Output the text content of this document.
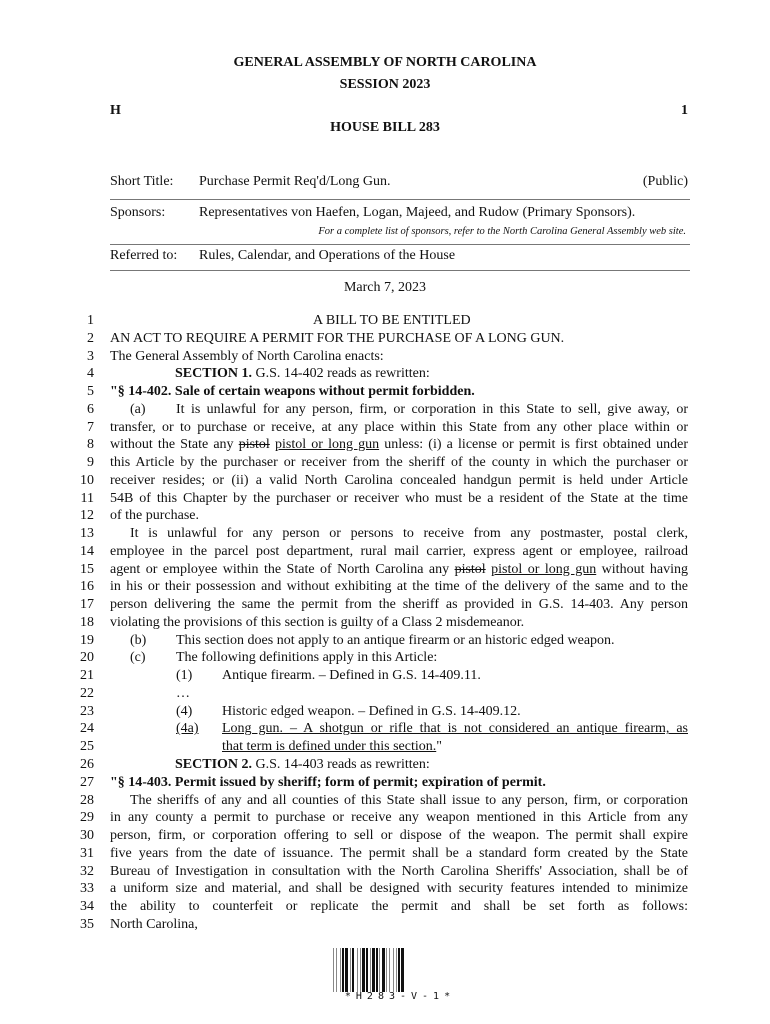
GENERAL ASSEMBLY OF NORTH CAROLINA
SESSION 2023
H	1
HOUSE BILL 283
Short Title: Purchase Permit Req'd/Long Gun.	(Public)
Sponsors: Representatives von Haefen, Logan, Majeed, and Rudow (Primary Sponsors).
For a complete list of sponsors, refer to the North Carolina General Assembly web site.
Referred to: Rules, Calendar, and Operations of the House
March 7, 2023
1	A BILL TO BE ENTITLED
2 AN ACT TO REQUIRE A PERMIT FOR THE PURCHASE OF A LONG GUN.
3 The General Assembly of North Carolina enacts:
4	SECTION 1. G.S. 14-402 reads as rewritten:
5 "§ 14-402. Sale of certain weapons without permit forbidden.
6	(a) It is unlawful for any person, firm, or corporation in this State to sell, give away, or
7 transfer, or to purchase or receive, at any place within this State from any other place within or
8 without the State any pistol pistol or long gun unless: (i) a license or permit is first obtained under
9 this Article by the purchaser or receiver from the sheriff of the county in which the purchaser or
10 receiver resides; or (ii) a valid North Carolina concealed handgun permit is held under Article
11 54B of this Chapter by the purchaser or receiver who must be a resident of the State at the time
12 of the purchase.
13	It is unlawful for any person or persons to receive from any postmaster, postal clerk,
14 employee in the parcel post department, rural mail carrier, express agent or employee, railroad
15 agent or employee within the State of North Carolina any pistol pistol or long gun without having
16 in his or their possession and without exhibiting at the time of the delivery of the same and to the
17 person delivering the same the permit from the sheriff as provided in G.S. 14-403. Any person
18 violating the provisions of this section is guilty of a Class 2 misdemeanor.
19	(b) This section does not apply to an antique firearm or an historic edged weapon.
20	(c) The following definitions apply in this Article:
21	(1) Antique firearm. – Defined in G.S. 14-409.11.
22	…
23	(4) Historic edged weapon. – Defined in G.S. 14-409.12.
24	(4a) Long gun. – A shotgun or rifle that is not considered an antique firearm, as
25	that term is defined under this section."
26	SECTION 2. G.S. 14-403 reads as rewritten:
27 "§ 14-403. Permit issued by sheriff; form of permit; expiration of permit.
28	The sheriffs of any and all counties of this State shall issue to any person, firm, or corporation
29 in any county a permit to purchase or receive any weapon mentioned in this Article from any
30 person, firm, or corporation offering to sell or dispose of the weapon. The permit shall expire
31 five years from the date of issuance. The permit shall be a standard form created by the State
32 Bureau of Investigation in consultation with the North Carolina Sheriffs' Association, shall be of
33 a uniform size and material, and shall be designed with security features intended to minimize
34 the ability to counterfeit or replicate the permit and shall be set forth as follows:
35 North Carolina,
*H283-V-1*
